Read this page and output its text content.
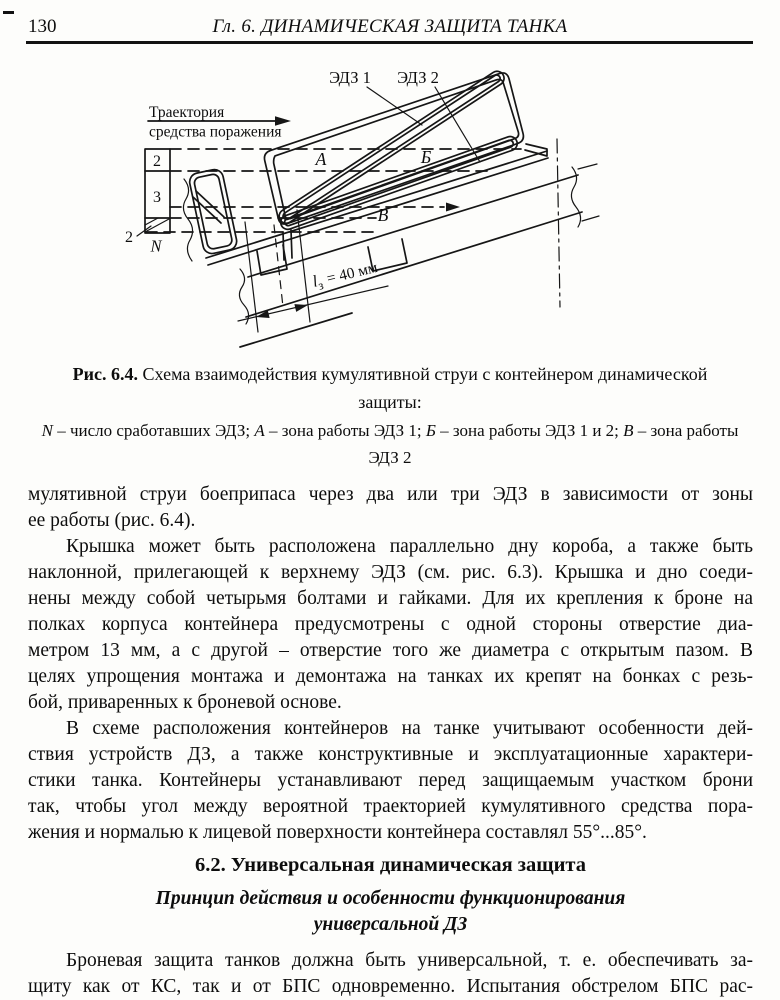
130	Гл. 6. ДИНАМИЧЕСКАЯ ЗАЩИТА ТАНКА
ЭДЗ 1 ЭДЗ 2
Траектория
средства поражения
2
3
2 N
А	Б
В
$l_з= 40$ мм
Рис. 6.4. Схема взаимодействия кумулятивной струи с контейнером динамической
защиты:
N – число сработавших ЭДЗ; А – зона работы ЭДЗ 1; Б – зона работы ЭДЗ 1 и 2; В – зона работы ЭДЗ 2
мулятивной струи боеприпаса через два или три ЭДЗ в зависимости от зоны
ее работы (рис. 6.4).
Крышка может быть расположена параллельно дну короба, а также быть
наклонной, прилегающей к верхнему ЭДЗ (см. рис. 6.3). Крышка и дно соеди-
нены между собой четырьмя болтами и гайками. Для их крепления к броне на
полках корпуса контейнера предусмотрены с одной стороны отверстие диа-
метром 13 мм, а с другой – отверстие того же диаметра с открытым пазом. В
целях упрощения монтажа и демонтажа на танках их крепят на бонках с резь-
бой, приваренных к броневой основе.
В схеме расположения контейнеров на танке учитывают особенности дей-
ствия устройств ДЗ, а также конструктивные и эксплуатационные характери-
стики танка. Контейнеры устанавливают перед защищаемым участком брони
так, чтобы угол между вероятной траекторией кумулятивного средства пора-
жения и нормалью к лицевой поверхности контейнера составлял 55°...85°.
6.2. Универсальная динамическая защита
Принцип действия и особенности функционирования
универсальной ДЗ
Броневая защита танков должна быть универсальной, т. е. обеспечивать за-
щиту как от КС, так и от БПС одновременно. Испытания обстрелом БПС рас-
